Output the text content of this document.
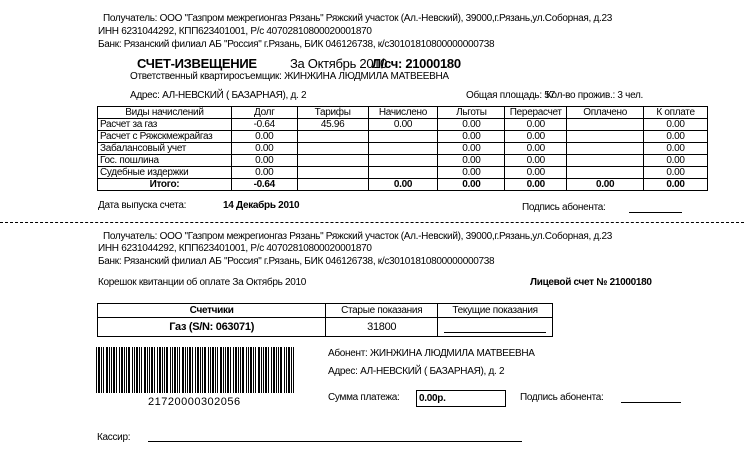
Получатель: ООО "Газпром межрегионгаз Рязань" Ряжский участок (Ал.-Невский), 39000,г.Рязань,ул.Соборная, д.23
ИНН 6231044292, КПП623401001, Р/с 40702810800020001870
Банк: Рязанский филиал АБ "Россия" г.Рязань, БИК 046126738, к/с30101810800000000738
СЧЕТ-ИЗВЕЩЕНИЕ	За Октябрь 2010
Л/сч: 21000180
Ответственный квартиросъемщик: ЖИНЖИНА ЛЮДМИЛА МАТВЕЕВНА
Адрес: АЛ-НЕВСКИЙ ( БАЗАРНАЯ), д. 2	Общая площадь: 57
Кол-во прожив.: 3 чел.
Виды начислений	Долг	Тарифы	Начислено	Льготы	Перерасчет	Оплачено	К оплате
Расчет за газ	-0.64	45.96	0.00	0.00	0.00		0.00
Расчет с Ряжскмежрайгаз	0.00			0.00	0.00		0.00
Забалансовый учет	0.00			0.00	0.00		0.00
Гос. пошлина	0.00			0.00	0.00		0.00
Судебные издержки	0.00			0.00	0.00		0.00
Итого:	-0.64		0.00	0.00	0.00	0.00	0.00
Дата выпуска счета:	14 Декабрь 2010	Подпись абонента:
Получатель: ООО "Газпром межрегионгаз Рязань" Ряжский участок (Ал.-Невский), 39000,г.Рязань,ул.Соборная, д.23
ИНН 6231044292, КПП623401001, Р/с 40702810800020001870
Банк: Рязанский филиал АБ "Россия" г.Рязань, БИК 046126738, к/с30101810800000000738
Корешок квитанции об оплате За Октябрь 2010	Лицевой счет № 21000180
Счетчики	Старые показания	Текущие показания
Газ (S/N: 063071)	31800	
21720000302056
Абонент: ЖИНЖИНА ЛЮДМИЛА МАТВЕЕВНА
Адрес: АЛ-НЕВСКИЙ ( БАЗАРНАЯ), д. 2
Сумма платежа:	0.00р.	Подпись абонента:
Кассир:
